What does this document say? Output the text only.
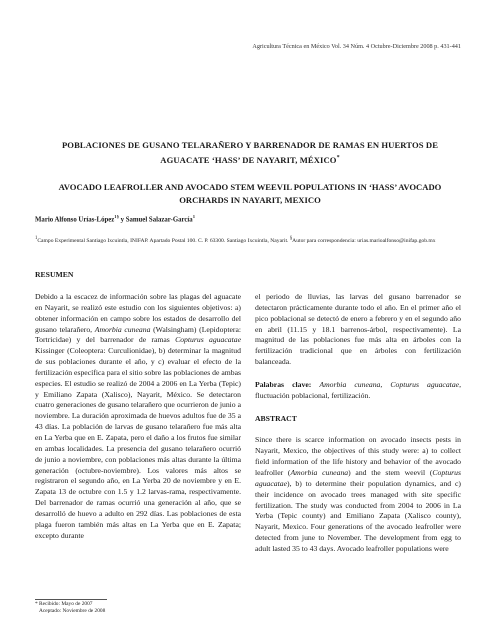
Agricultura Técnica en México Vol. 34 Núm. 4 Octubre-Diciembre 2008 p. 431-441
POBLACIONES DE GUSANO TELARAÑERO Y BARRENADOR DE RAMAS EN HUERTOS DE AGUACATE ‘HASS’ DE NAYARIT, MÉXICO*
AVOCADO LEAFROLLER AND AVOCADO STEM WEEVIL POPULATIONS IN ‘HASS’ AVOCADO ORCHARDS IN NAYARIT, MEXICO
Mario Alfonso Urías-López$^{1\S}$ y Samuel Salazar-García$^1$
$^1$Campo Experimental Santiago Ixcuintla, INIFAP. Apartado Postal 100. C. P. 63300. Santiago Ixcuintla, Nayarit. §Autor para correspondencia: urias.marioalfonso@inifap.gob.mx
RESUMEN

Debido a la escacez de información sobre las plagas del aguacate en Nayarit, se realizó este estudio con los siguientes objetivos: a) obtener información en campo sobre los estados de desarrollo del gusano telarañero, Amorbia cuneana (Walsingham) (Lepidoptera: Tortricidae) y del barrenador de ramas Copturus aguacatae Kissinger (Coleoptera: Curculionidae), b) determinar la magnitud de sus poblaciones durante el año, y c) evaluar el efecto de la fertilización específica para el sitio sobre las poblaciones de ambas especies. El estudio se realizó de 2004 a 2006 en La Yerba (Tepic) y Emiliano Zapata (Xalisco), Nayarit, México. Se detectaron cuatro generaciones de gusano telarañero que ocurrieron de junio a noviembre. La duración aproximada de huevos adultos fue de 35 a 43 días. La población de larvas de gusano telarañero fue más alta en La Yerba que en E. Zapata, pero el daño a los frutos fue similar en ambas localidades. La presencia del gusano telarañero ocurrió de junio a noviembre, con poblaciones más altas durante la última generación (octubre-noviembre). Los valores más altos se registraron el segundo año, en La Yerba 20 de noviembre y en E. Zapata 13 de octubre con 1.5 y 1.2 larvas-rama, respectivamente. Del barrenador de ramas ocurrió una generación al año, que se desarrolló de huevo a adulto en 292 días. Las poblaciones de esta plaga fueron también más altas en La Yerba que en E. Zapata; excepto durante

el periodo de lluvias, las larvas del gusano barrenador se detectaron prácticamente durante todo el año. En el primer año el pico poblacional se detectó de enero a febrero y en el segundo año en abril (11.15 y 18.1 barrenos-árbol, respectivamente). La magnitud de las poblaciones fue más alta en árboles con la fertilización tradicional que en árboles con fertilización balanceada.

Palabras clave: Amorbia cuneana, Copturus aguacatae, fluctuación poblacional, fertilización.

ABSTRACT

Since there is scarce information on avocado insects pests in Nayarit, Mexico, the objectives of this study were: a) to collect field information of the life history and behavior of the avocado leafroller (Amorbia cuneana) and the stem weevil (Copturus aguacatae), b) to determine their population dynamics, and c) their incidence on avocado trees managed with site specific fertilization. The study was conducted from 2004 to 2006 in La Yerba (Tepic county) and Emiliano Zapata (Xalisco county), Nayarit, Mexico. Four generations of the avocado leafroller were detected from june to November. The development from egg to adult lasted 35 to 43 days. Avocado leafroller populations were

* Recibido: Mayo de 2007
Aceptado: Noviembre de 2008
